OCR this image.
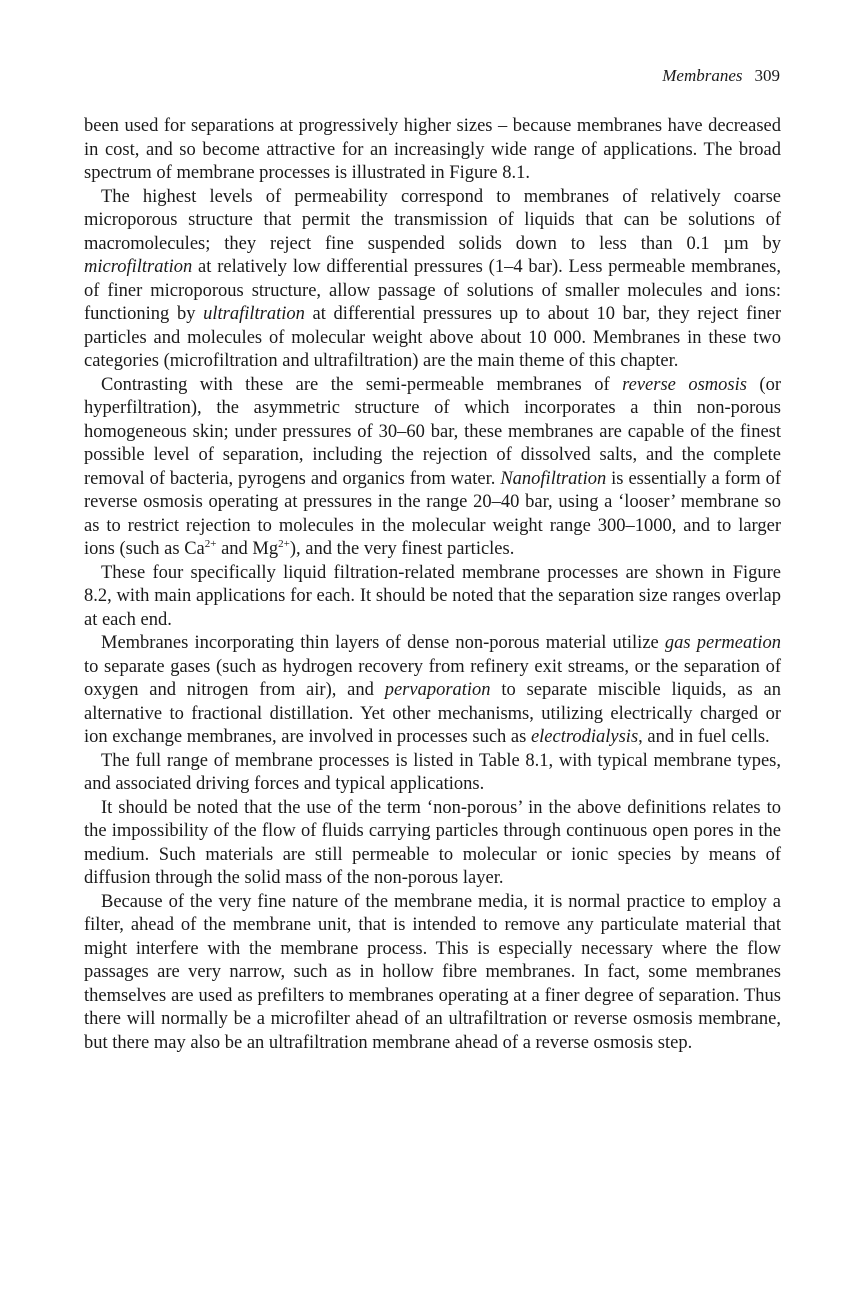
Membranes 309

been used for separations at progressively higher sizes – because membranes have decreased in cost, and so become attractive for an increasingly wide range of applications. The broad spectrum of membrane processes is illustrated in Figure 8.1.

The highest levels of permeability correspond to membranes of relatively coarse microporous structure that permit the transmission of liquids that can be solutions of macromolecules; they reject fine suspended solids down to less than 0.1 µm by microfiltration at relatively low differential pressures (1–4 bar). Less permeable membranes, of finer microporous structure, allow passage of solutions of smaller molecules and ions: functioning by ultrafiltration at differential pressures up to about 10 bar, they reject finer particles and molecules of molecular weight above about 10 000. Membranes in these two categories (microfiltration and ultrafiltration) are the main theme of this chapter.

Contrasting with these are the semi-permeable membranes of reverse osmosis (or hyperfiltration), the asymmetric structure of which incorporates a thin non-porous homogeneous skin; under pressures of 30–60 bar, these membranes are capable of the finest possible level of separation, including the rejection of dissolved salts, and the complete removal of bacteria, pyrogens and organics from water. Nanofiltration is essentially a form of reverse osmosis operating at pressures in the range 20–40 bar, using a ‘looser’ membrane so as to restrict rejection to molecules in the molecular weight range 300–1000, and to larger ions (such as $Ca^{2+}$ and $Mg^{2+}$), and the very finest particles.

These four specifically liquid filtration-related membrane processes are shown in Figure 8.2, with main applications for each. It should be noted that the separation size ranges overlap at each end.

Membranes incorporating thin layers of dense non-porous material utilize gas permeation to separate gases (such as hydrogen recovery from refinery exit streams, or the separation of oxygen and nitrogen from air), and pervaporation to separate miscible liquids, as an alternative to fractional distillation. Yet other mechanisms, utilizing electrically charged or ion exchange membranes, are involved in processes such as electrodialysis, and in fuel cells.

The full range of membrane processes is listed in Table 8.1, with typical membrane types, and associated driving forces and typical applications.

It should be noted that the use of the term ‘non-porous’ in the above definitions relates to the impossibility of the flow of fluids carrying particles through continuous open pores in the medium. Such materials are still permeable to molecular or ionic species by means of diffusion through the solid mass of the non-porous layer.

Because of the very fine nature of the membrane media, it is normal practice to employ a filter, ahead of the membrane unit, that is intended to remove any particulate material that might interfere with the membrane process. This is especially necessary where the flow passages are very narrow, such as in hollow fibre membranes. In fact, some membranes themselves are used as prefilters to membranes operating at a finer degree of separation. Thus there will normally be a microfilter ahead of an ultrafiltration or reverse osmosis membrane, but there may also be an ultrafiltration membrane ahead of a reverse osmosis step.
